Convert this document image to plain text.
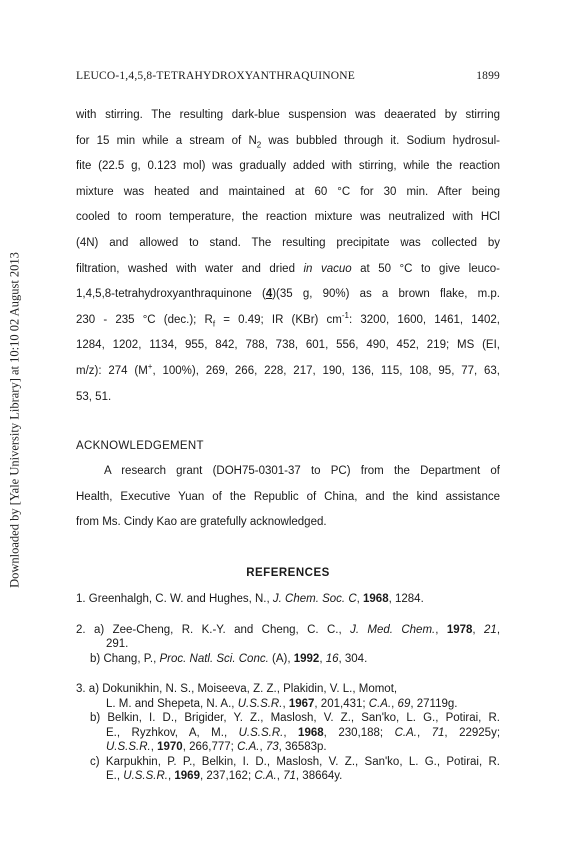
LEUCO-1,4,5,8-TETRAHYDROXYANTHRAQUINONE	1899
Downloaded by [Yale University Library] at 10:10 02 August 2013

with stirring. The resulting dark-blue suspension was deaerated by stirring
for 15 min while a stream of $N_2$ was bubbled through it. Sodium hydrosul-
fite (22.5 g, 0.123 mol) was gradually added with stirring, while the reaction
mixture was heated and maintained at 60 °C for 30 min. After being
cooled to room temperature, the reaction mixture was neutralized with HCl
(4N) and allowed to stand. The resulting precipitate was collected by
filtration, washed with water and dried in vacuo at 50 °C to give leuco-
1,4,5,8-tetrahydroxyanthraquinone (4)(35 g, 90%) as a brown flake, m.p.
230 - 235 °C (dec.); $R_f = 0.49$; IR (KBr) $cm^{-1}$: 3200, 1600, 1461, 1402,
1284, 1202, 1134, 955, 842, 788, 738, 601, 556, 490, 452, 219; MS (EI,
m/z): 274 (M+, 100%), 269, 266, 228, 217, 190, 136, 115, 108, 95, 77, 63,
53, 51.

ACKNOWLEDGEMENT
A research grant (DOH75-0301-37 to PC) from the Department of
Health, Executive Yuan of the Republic of China, and the kind assistance
from Ms. Cindy Kao are gratefully acknowledged.
REFERENCES
1. Greenhalgh, C. W. and Hughes, N., J. Chem. Soc. C, 1968, 1284.
2. a) Zee-Cheng, R. K.-Y. and Cheng, C. C., J. Med. Chem., 1978, 21,
291.
b) Chang, P., Proc. Natl. Sci. Conc. (A), 1992, 16, 304.
3. a) Dokunikhin, N. S., Moiseeva, Z. Z., Plakidin, V. L., Momot,
L. M. and Shepeta, N. A., U.S.S.R., 1967, 201,431; C.A., 69, 27119g.
b) Belkin, I. D., Brigider, Y. Z., Maslosh, V. Z., San'ko, L. G., Potirai, R.
E., Ryzhkov, A, M., U.S.S.R., 1968, 230,188; C.A., 71, 22925y;
U.S.S.R., 1970, 266,777; C.A., 73, 36583p.
c) Karpukhin, P. P., Belkin, I. D., Maslosh, V. Z., San'ko, L. G., Potirai, R.
E., U.S.S.R., 1969, 237,162; C.A., 71, 38664y.
